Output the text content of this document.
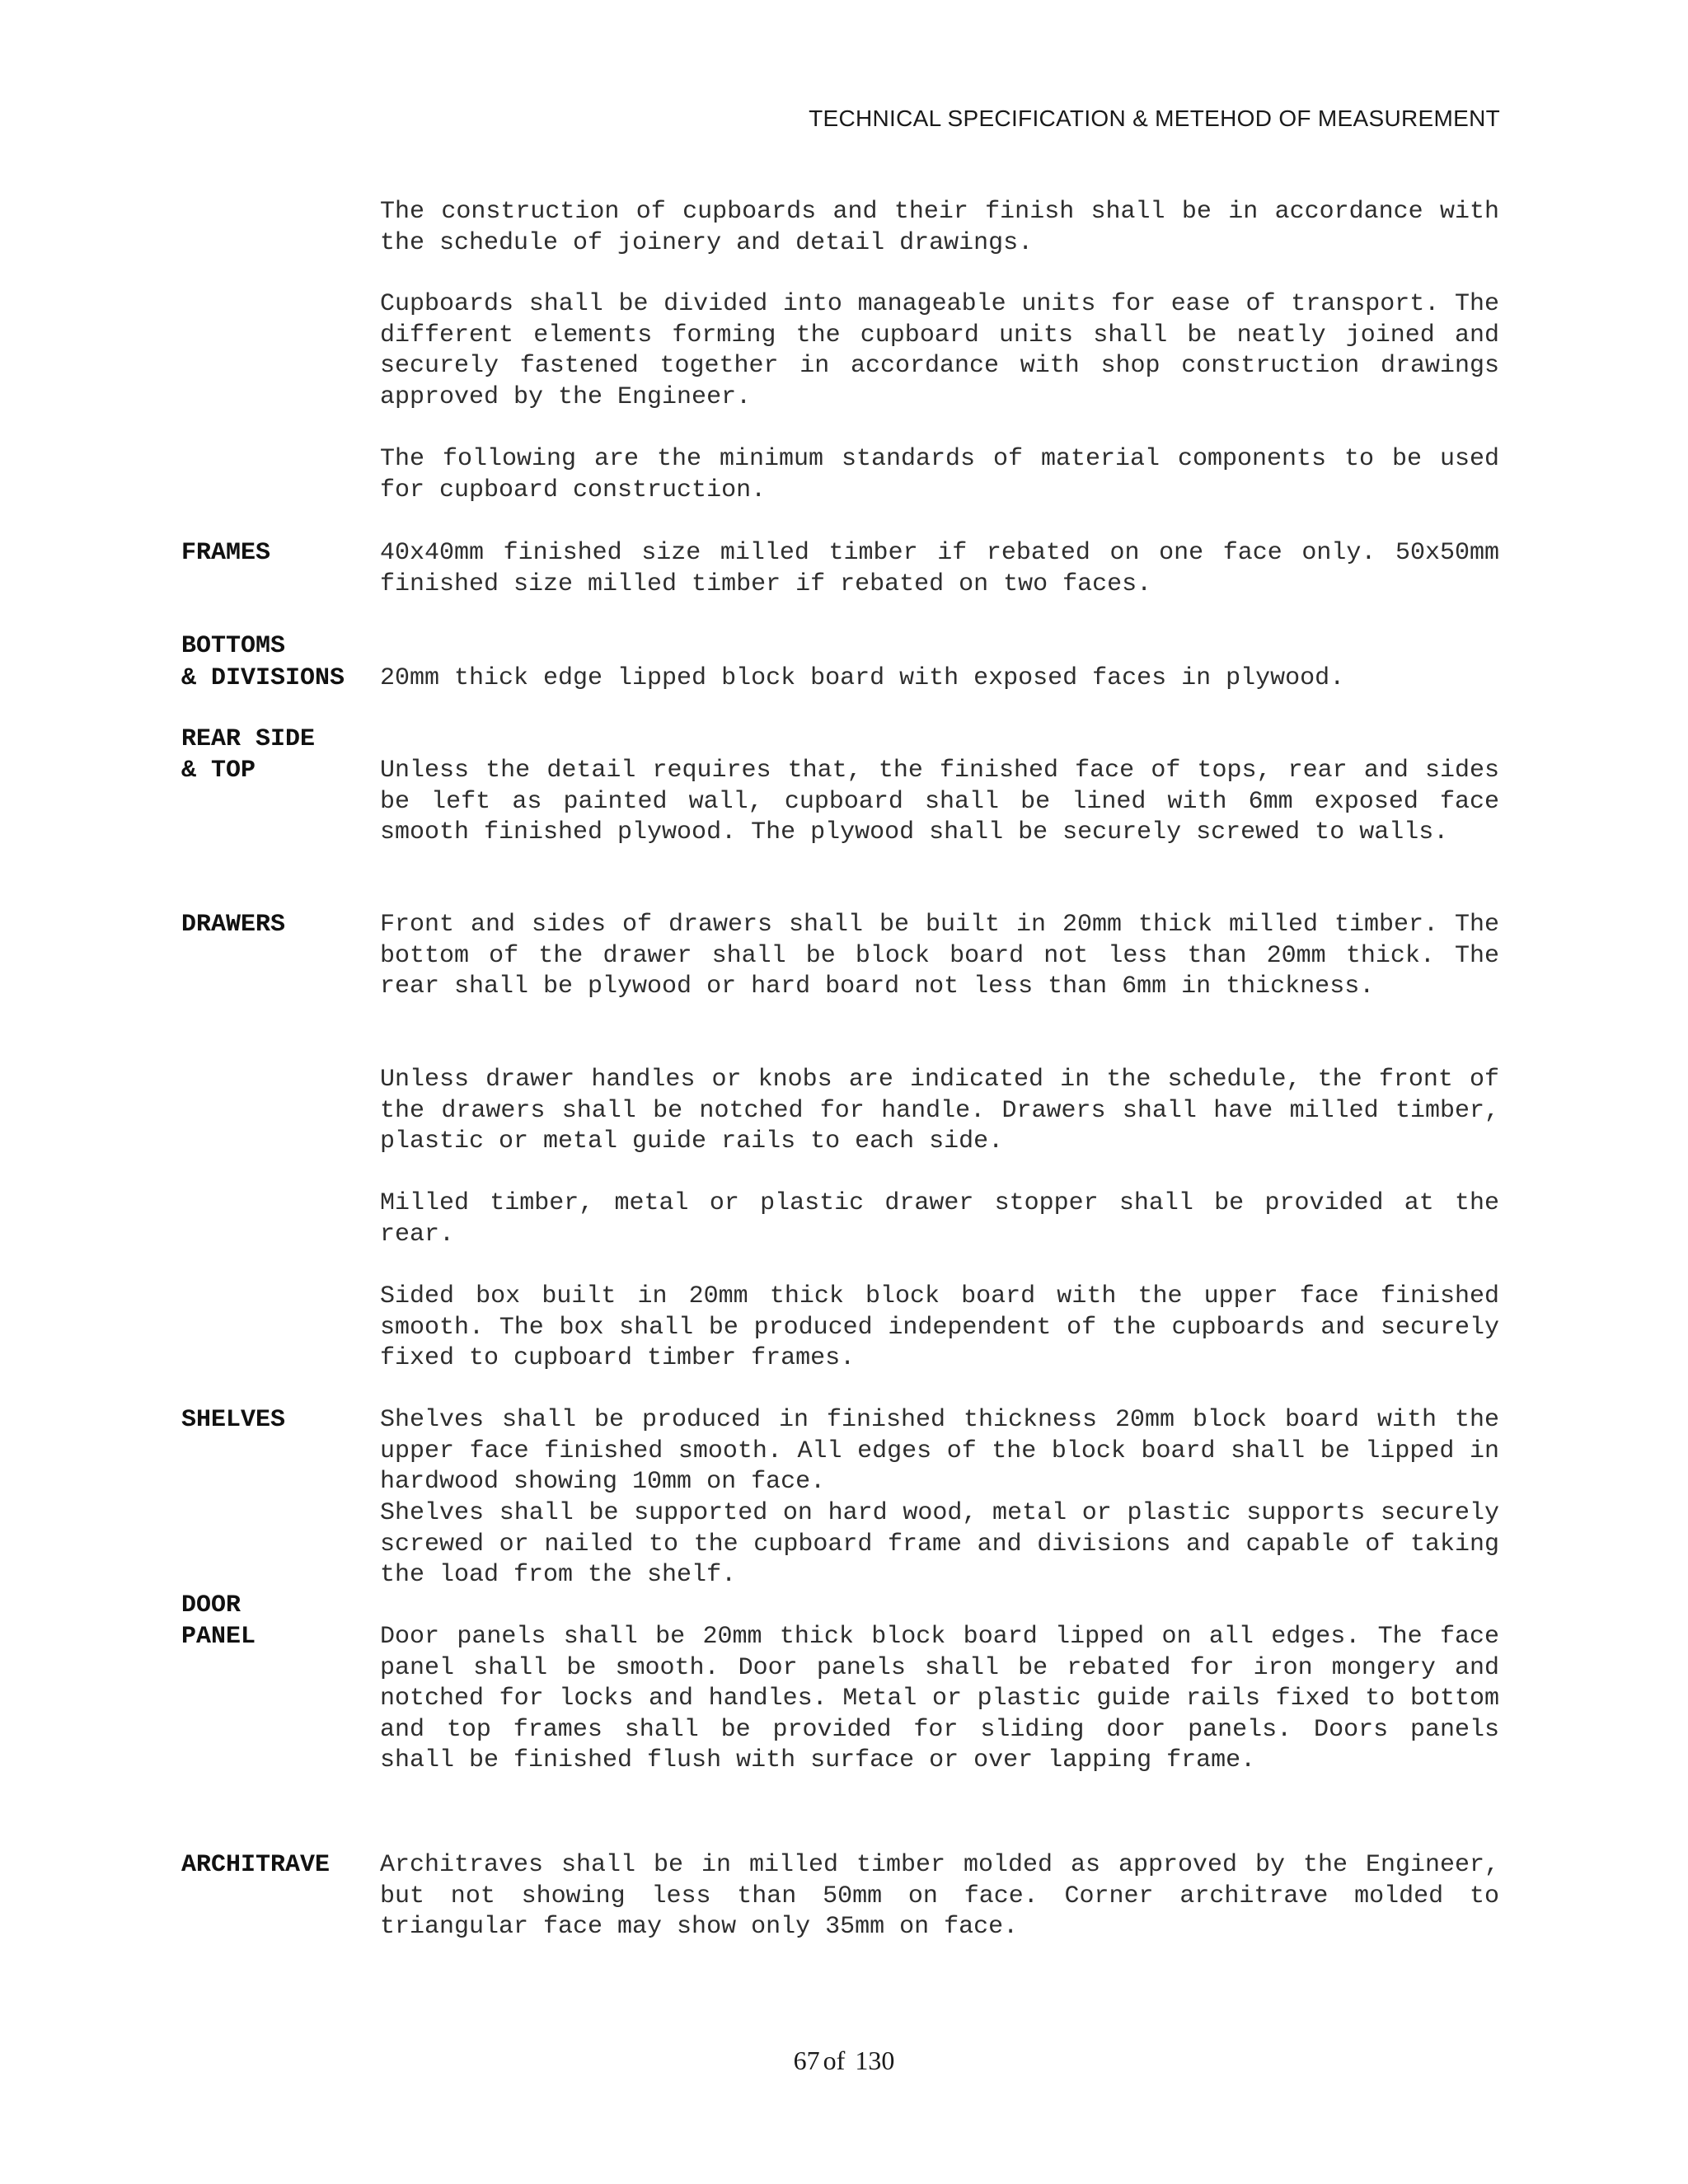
TECHNICAL SPECIFICATION & METEHOD OF MEASUREMENT
The construction of cupboards and their finish shall be in accordance with the schedule of joinery and detail drawings.
Cupboards shall be divided into manageable units for ease of transport. The different elements forming the cupboard units shall be neatly joined and securely fastened together in accordance with shop construction drawings approved by the Engineer.
The following are the minimum standards of material components to be used for cupboard construction.
FRAMES	40x40mm finished size milled timber if rebated on one face only. 50x50mm finished size milled timber if rebated on two faces.
BOTTOMS
& DIVISIONS 20mm thick edge lipped block board with exposed faces in plywood.
REAR SIDE
& TOP	Unless the detail requires that, the finished face of tops, rear and sides be left as painted wall, cupboard shall be lined with 6mm exposed face smooth finished plywood. The plywood shall be securely screwed to walls.
DRAWERS	Front and sides of drawers shall be built in 20mm thick milled timber. The bottom of the drawer shall be block board not less than 20mm thick. The rear shall be plywood or hard board not less than 6mm in thickness.
Unless drawer handles or knobs are indicated in the schedule, the front of the drawers shall be notched for handle. Drawers shall have milled timber, plastic or metal guide rails to each side.
Milled timber, metal or plastic drawer stopper shall be provided at the rear.
Sided box built in 20mm thick block board with the upper face finished smooth. The box shall be produced independent of the cupboards and securely fixed to cupboard timber frames.
SHELVES	Shelves shall be produced in finished thickness 20mm block board with the upper face finished smooth. All edges of the block board shall be lipped in hardwood showing 10mm on face.
Shelves shall be supported on hard wood, metal or plastic supports securely screwed or nailed to the cupboard frame and divisions and capable of taking the load from the shelf.
DOOR
PANEL	Door panels shall be 20mm thick block board lipped on all edges. The face panel shall be smooth. Door panels shall be rebated for iron mongery and notched for locks and handles. Metal or plastic guide rails fixed to bottom and top frames shall be provided for sliding door panels. Doors panels shall be finished flush with surface or over lapping frame.
ARCHITRAVE Architraves shall be in milled timber molded as approved by the Engineer, but not showing less than 50mm on face. Corner architrave molded to triangular face may show only 35mm on face.
67 of 130
